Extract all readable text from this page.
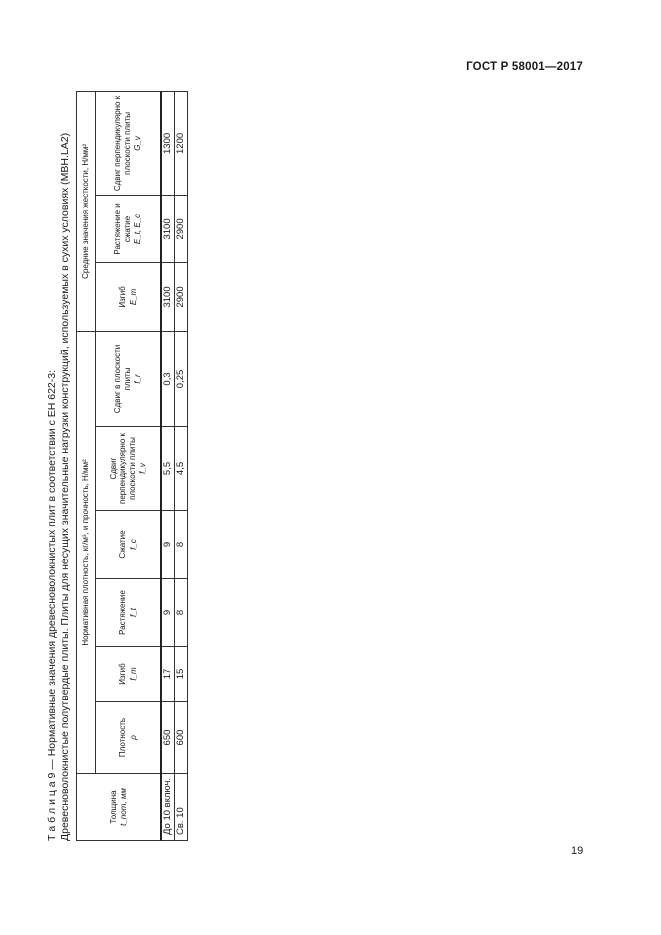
ГОСТ Р 58001—2017
Т а б л и ц а 9 — Нормативные значения древесноволокнистых плит в соответствии с ЕН 622-3: Древесноволокнистые полутвердые плиты. Плиты для несущих значительные нагрузки конструкций, используемых в сухих условиях (MBH.LA2)	Толщина t_nom, мм	Нормативная плотность, кг/м³, и прочность, Н/мм²						Средние значения жесткости, Н/мм²		
	Плотность ρ	Изгиб f_m	Растяжение f_t	Сжатие f_c	Сдвиг перпендикулярно к плоскости плиты f_v	Сдвиг в плоскости плиты f_r	Изгиб E_m	Растяжение и сжатие E_t, E_c	Сдвиг перпендикулярно к плоскости плиты G_v

До 10 включ.	650	17	9	9	5,5	0,3	3100	3100	1300
Св. 10	600	15	8	8	4,5	0,25	2900	2900	1200
19
